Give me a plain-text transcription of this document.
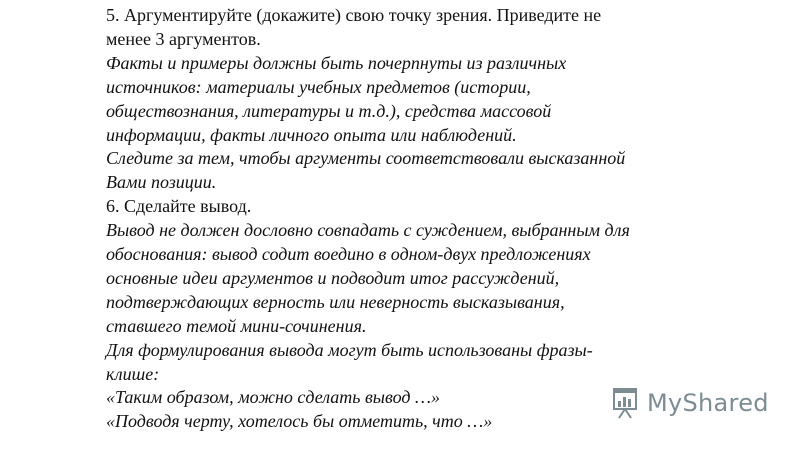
MyShared
5. Аргументируйте (докажите) свою точку зрения. Приведите не
менее 3 аргументов.
Факты и примеры должны быть почерпнуты из различных
источников: материалы учебных предметов (истории,
обществознания, литературы и т.д.), средства массовой
информации, факты личного опыта или наблюдений.
Следите за тем, чтобы аргументы соответствовали высказанной
Вами позиции.
6. Сделайте вывод.
Вывод не должен дословно совпадать с суждением, выбранным для
обоснования: вывод содит воедино в одном-двух предложениях
основные идеи аргументов и подводит итог рассуждений,
подтверждающих верность или неверность высказывания,
ставшего темой мини-сочинения.
Для формулирования вывода могут быть использованы фразы-
клише:
«Таким образом, можно сделать вывод …»
«Подводя черту, хотелось бы отметить, что …»
